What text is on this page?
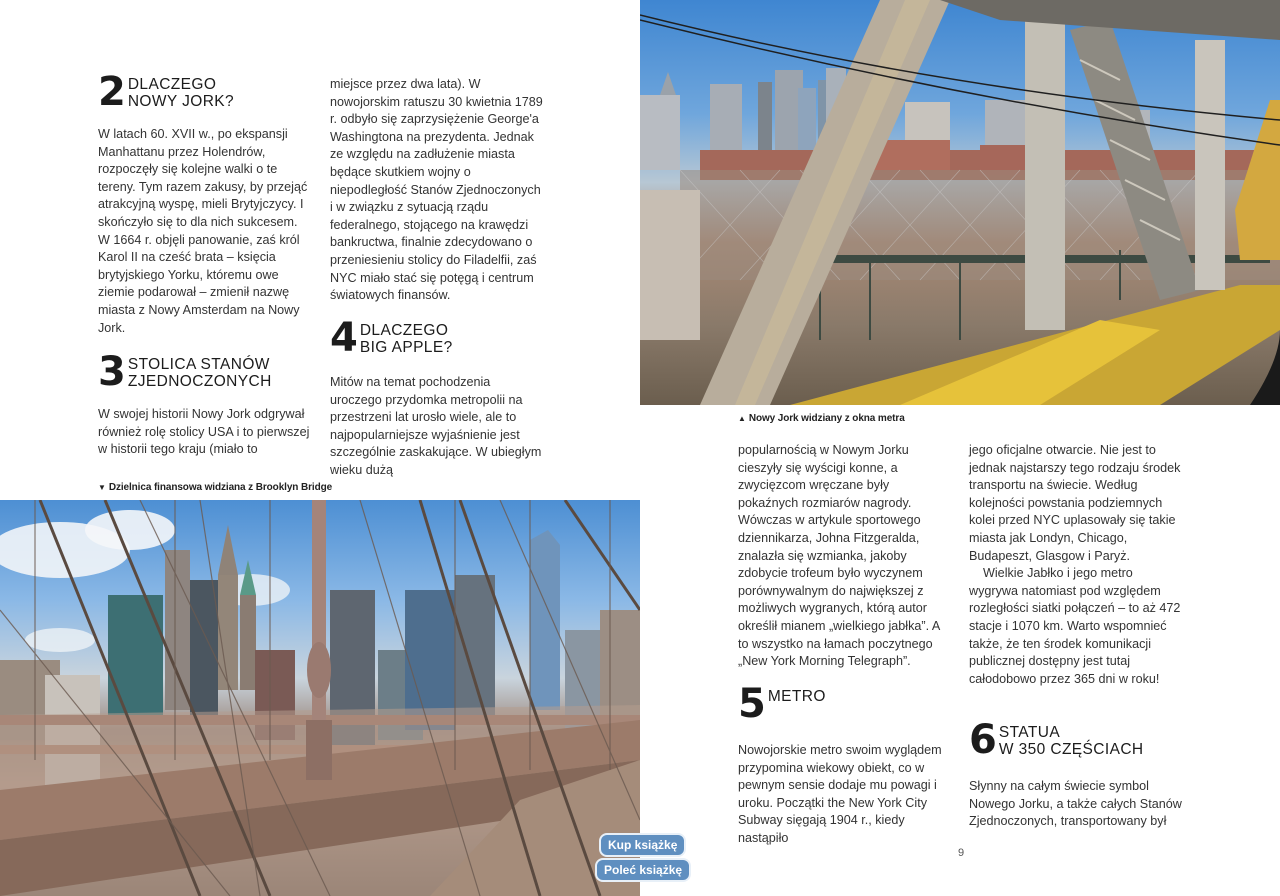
2 DLACZEGO
NOWY JORK?
W latach 60. XVII w., po ekspansji Manhattanu przez Holendrów, rozpoczęły się kolejne walki o te tereny. Tym razem zakusy, by przejąć atrakcyjną wyspę, mieli Brytyjczycy. I skończyło się to dla nich sukcesem. W 1664 r. objęli panowanie, zaś król Karol II na cześć brata – księcia brytyjskiego Yorku, któremu owe ziemie podarował – zmienił nazwę miasta z Nowy Amsterdam na Nowy Jork.
3 STOLICA STANÓW
ZJEDNOCZONYCH
W swojej historii Nowy Jork odgrywał również rolę stolicy USA i to pierwszej w historii tego kraju (miało to
miejsce przez dwa lata). W nowojorskim ratuszu 30 kwietnia 1789 r. odbyło się zaprzysiężenie George'a Washingtona na prezydenta. Jednak ze względu na zadłużenie miasta będące skutkiem wojny o niepodległość Stanów Zjednoczonych i w związku z sytuacją rządu federalnego, stojącego na krawędzi bankructwa, finalnie zdecydowano o przeniesieniu stolicy do Filadelfii, zaś NYC miało stać się potęgą i centrum światowych finansów.
4 DLACZEGO
BIG APPLE?
Mitów na temat pochodzenia uroczego przydomka metropolii na przestrzeni lat urosło wiele, ale to najpopularniejsze wyjaśnienie jest szczególnie zaskakujące. W ubiegłym wieku dużą
▼ Dzielnica finansowa widziana z Brooklyn Bridge
▲ Nowy Jork widziany z okna metra
popularnością w Nowym Jorku cieszyły się wyścigi konne, a zwycięzcom wręczane były pokaźnych rozmiarów nagrody. Wówczas w artykule sportowego dziennikarza, Johna Fitzgeralda, znalazła się wzmianka, jakoby zdobycie trofeum było wyczynem porównywalnym do największej z możliwych wygranych, którą autor określił mianem „wielkiego jabłka”. A to wszystko na łamach poczytnego „New York Morning Telegraph”.
5 METRO
Nowojorskie metro swoim wyglądem przypomina wiekowy obiekt, co w pewnym sensie dodaje mu powagi i uroku. Początki the New York City Subway sięgają 1904 r., kiedy nastąpiło

jego oficjalne otwarcie. Nie jest to jednak najstarszy tego rodzaju środek transportu na świecie. Według kolejności powstania podziemnych kolei przed NYC uplasowały się takie miasta jak Londyn, Chicago, Budapeszt, Glasgow i Paryż.

Wielkie Jabłko i jego metro wygrywa natomiast pod względem rozległości siatki połączeń – to aż 472 stacje i 1070 km. Warto wspomnieć także, że ten środek komunikacji publicznej dostępny jest tutaj całodobowo przez 365 dni w roku!

6 STATUA
W 350 CZĘŚCIACH
Słynny na całym świecie symbol Nowego Jorku, a także całych Stanów Zjednoczonych, transportowany był
9
Kup książkę
Poleć książkę
